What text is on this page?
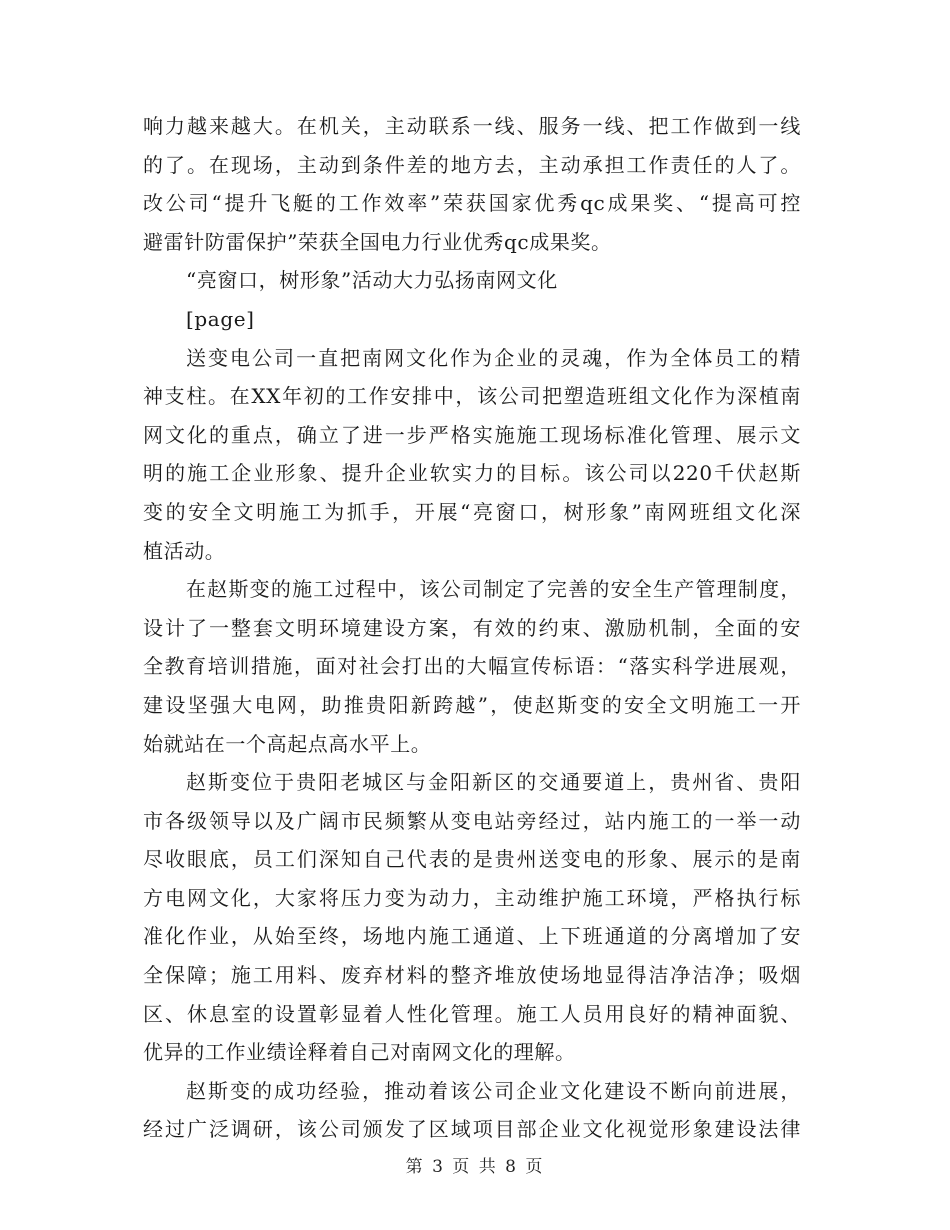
响力越来越大。在机关，主动联系一线、服务一线、把工作做到一线
的了。在现场，主动到条件差的地方去，主动承担工作责任的人了。
改公司“提升飞艇的工作效率”荣获国家优秀qc成果奖、“提高可控
避雷针防雷保护”荣获全国电力行业优秀qc成果奖。
“亮窗口，树形象”活动大力弘扬南网文化
[page]
送变电公司一直把南网文化作为企业的灵魂，作为全体员工的精
神支柱。在XX年初的工作安排中，该公司把塑造班组文化作为深植南
网文化的重点，确立了进一步严格实施施工现场标准化管理、展示文
明的施工企业形象、提升企业软实力的目标。该公司以220千伏赵斯
变的安全文明施工为抓手，开展“亮窗口，树形象”南网班组文化深
植活动。
在赵斯变的施工过程中，该公司制定了完善的安全生产管理制度，
设计了一整套文明环境建设方案，有效的约束、激励机制，全面的安
全教育培训措施，面对社会打出的大幅宣传标语：“落实科学进展观，
建设坚强大电网，助推贵阳新跨越”，使赵斯变的安全文明施工一开
始就站在一个高起点高水平上。
赵斯变位于贵阳老城区与金阳新区的交通要道上，贵州省、贵阳
市各级领导以及广阔市民频繁从变电站旁经过，站内施工的一举一动
尽收眼底，员工们深知自己代表的是贵州送变电的形象、展示的是南
方电网文化，大家将压力变为动力，主动维护施工环境，严格执行标
准化作业，从始至终，场地内施工通道、上下班通道的分离增加了安
全保障；施工用料、废弃材料的整齐堆放使场地显得洁净洁净；吸烟
区、休息室的设置彰显着人性化管理。施工人员用良好的精神面貌、
优异的工作业绩诠释着自己对南网文化的理解。
赵斯变的成功经验，推动着该公司企业文化建设不断向前进展，
经过广泛调研，该公司颁发了区域项目部企业文化视觉形象建设法律
第 3 页 共 8 页
